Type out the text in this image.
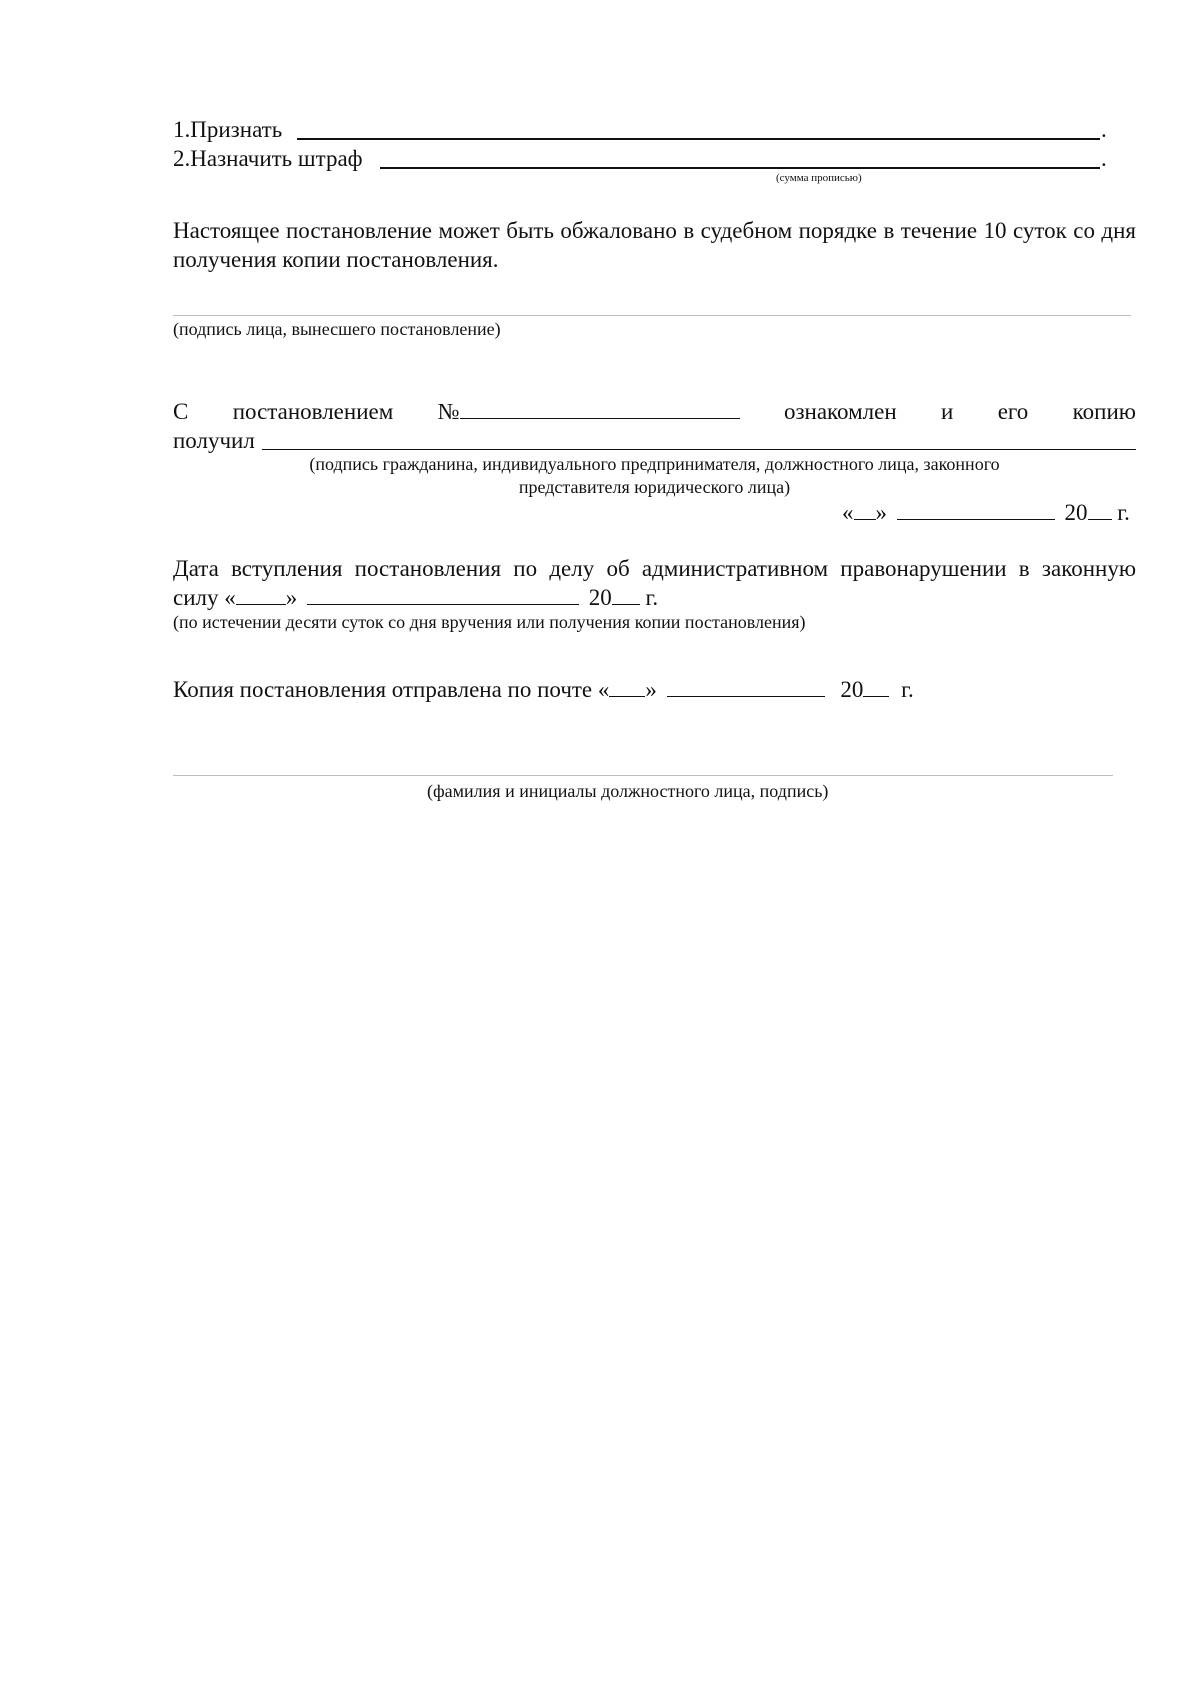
1.Признать	.
2.Назначить штраф	.
(сумма прописью)
Настоящее постановление может быть обжаловано в судебном порядке в течение 10 суток со дня получения копии постановления.
(подпись лица, вынесшего постановление)
С постановлением №	ознакомлен и его копию
получил
(подпись гражданина, индивидуального предпринимателя, должностного лица, законного
представителя юридического лица)
« »	20 г.
Дата вступления постановления по делу об административном правонарушении в законную
силу « »	20 г.
(по истечении десяти суток со дня вручения или получения копии постановления)
Копия постановления отправлена по почте « »	20 г.
(фамилия и инициалы должностного лица, подпись)
